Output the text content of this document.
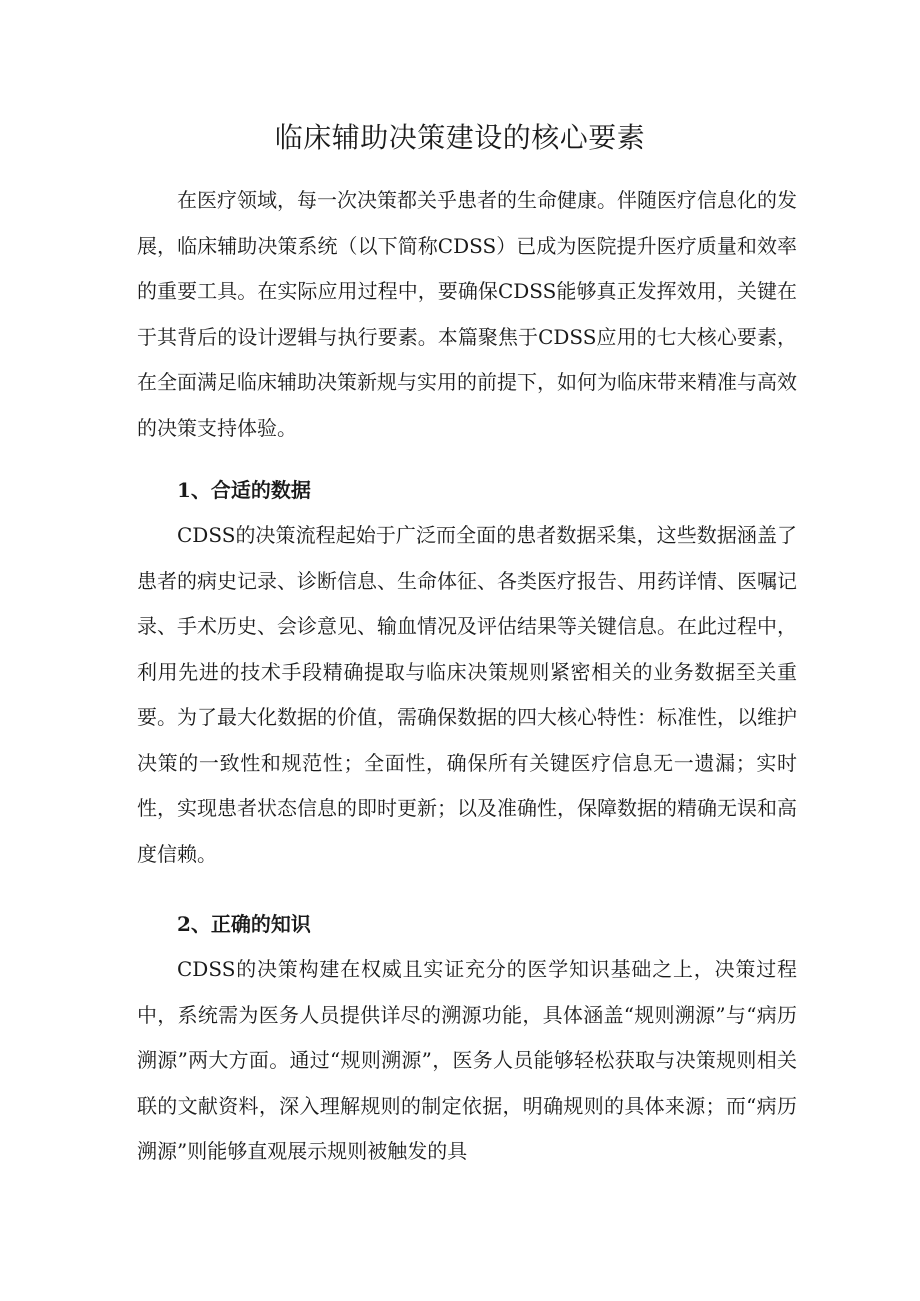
临床辅助决策建设的核心要素

在医疗领域，每一次决策都关乎患者的生命健康。伴随医疗信息化的发展，临床辅助决策系统（以下简称CDSS）已成为医院提升医疗质量和效率的重要工具。在实际应用过程中，要确保CDSS能够真正发挥效用，关键在于其背后的设计逻辑与执行要素。本篇聚焦于CDSS应用的七大核心要素，在全面满足临床辅助决策新规与实用的前提下，如何为临床带来精准与高效的决策支持体验。

1、合适的数据

CDSS的决策流程起始于广泛而全面的患者数据采集，这些数据涵盖了患者的病史记录、诊断信息、生命体征、各类医疗报告、用药详情、医嘱记录、手术历史、会诊意见、输血情况及评估结果等关键信息。在此过程中，利用先进的技术手段精确提取与临床决策规则紧密相关的业务数据至关重要。为了最大化数据的价值，需确保数据的四大核心特性：标准性，以维护决策的一致性和规范性；全面性，确保所有关键医疗信息无一遗漏；实时性，实现患者状态信息的即时更新；以及准确性，保障数据的精确无误和高度信赖。

2、正确的知识

CDSS的决策构建在权威且实证充分的医学知识基础之上，决策过程中，系统需为医务人员提供详尽的溯源功能，具体涵盖“规则溯源”与“病历溯源”两大方面。通过“规则溯源”，医务人员能够轻松获取与决策规则相关联的文献资料，深入理解规则的制定依据，明确规则的具体来源；而“病历溯源”则能够直观展示规则被触发的具
